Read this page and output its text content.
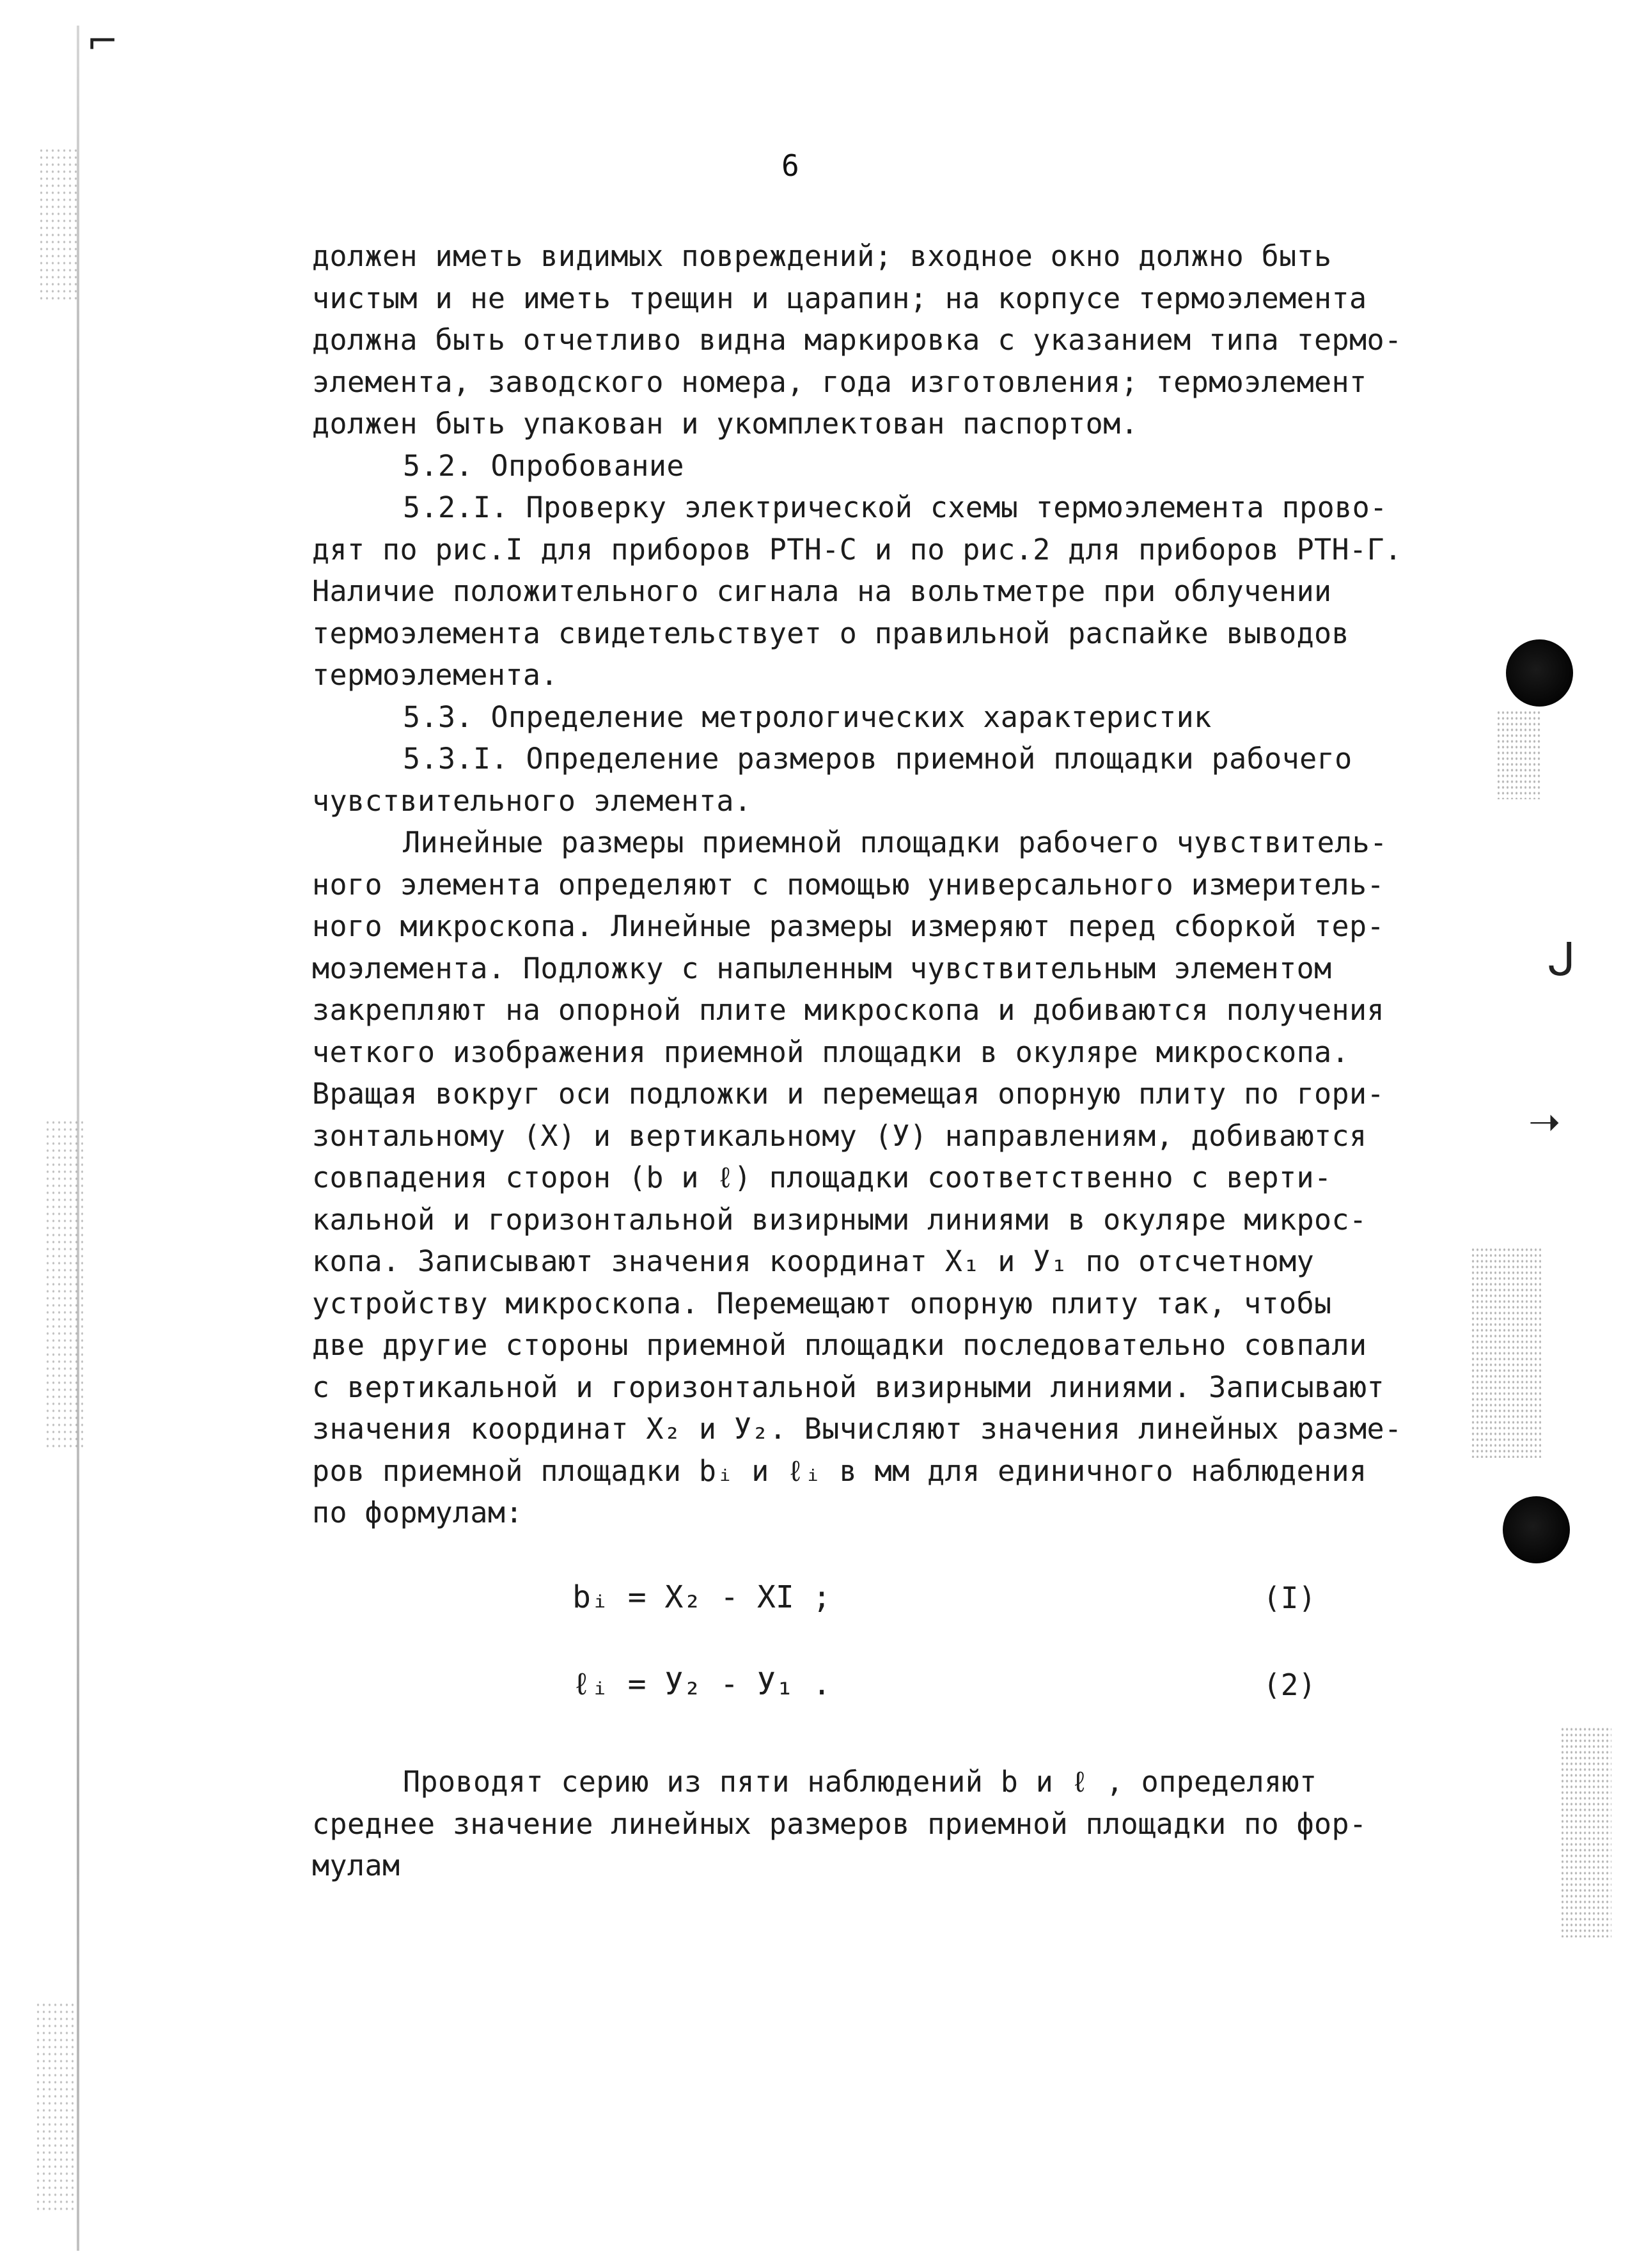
ᒍ
➝
⌐
6
должен иметь видимых повреждений; входное окно должно быть
чистым и не иметь трещин и царапин; на корпусе термоэлемента
должна быть отчетливо видна маркировка с указанием типа термо-
элемента, заводского номера, года изготовления; термоэлемент
должен быть упакован и укомплектован паспортом.
5.2. Опробование
5.2.I. Проверку электрической схемы термоэлемента прово-
дят по рис.I для приборов РТН-С и по рис.2 для приборов РТН-Г.
Наличие положительного сигнала на вольтметре при облучении
термоэлемента свидетельствует о правильной распайке выводов
термоэлемента.
5.3. Определение метрологических характеристик
5.3.I. Определение размеров приемной площадки рабочего
чувствительного элемента.
Линейные размеры приемной площадки рабочего чувствитель-
ного элемента определяют с помощью универсального измеритель-
ного микроскопа. Линейные размеры измеряют перед сборкой тер-
моэлемента. Подложку с напыленным чувствительным элементом
закрепляют на опорной плите микроскопа и добиваются получения
четкого изображения приемной площадки в окуляре микроскопа.
Вращая вокруг оси подложки и перемещая опорную плиту по гори-
зонтальному (X) и вертикальному (У) направлениям, добиваются
совпадения сторон (b и ℓ) площадки соответственно с верти-
кальной и горизонтальной визирными линиями в окуляре микрос-
копа. Записывают значения координат X₁ и У₁ по отсчетному
устройству микроскопа. Перемещают опорную плиту так, чтобы
две другие стороны приемной площадки последовательно совпали
с вертикальной и горизонтальной визирными линиями. Записывают
значения координат X₂ и У₂. Вычисляют значения линейных разме-
ров приемной площадки bᵢ и ℓᵢ в мм для единичного наблюдения
по формулам:
bᵢ = X₂ - XI ;	(I)
ℓᵢ = У₂ - У₁ .	(2)
Проводят серию из пяти наблюдений b и ℓ , определяют
среднее значение линейных размеров приемной площадки по фор-
мулам
